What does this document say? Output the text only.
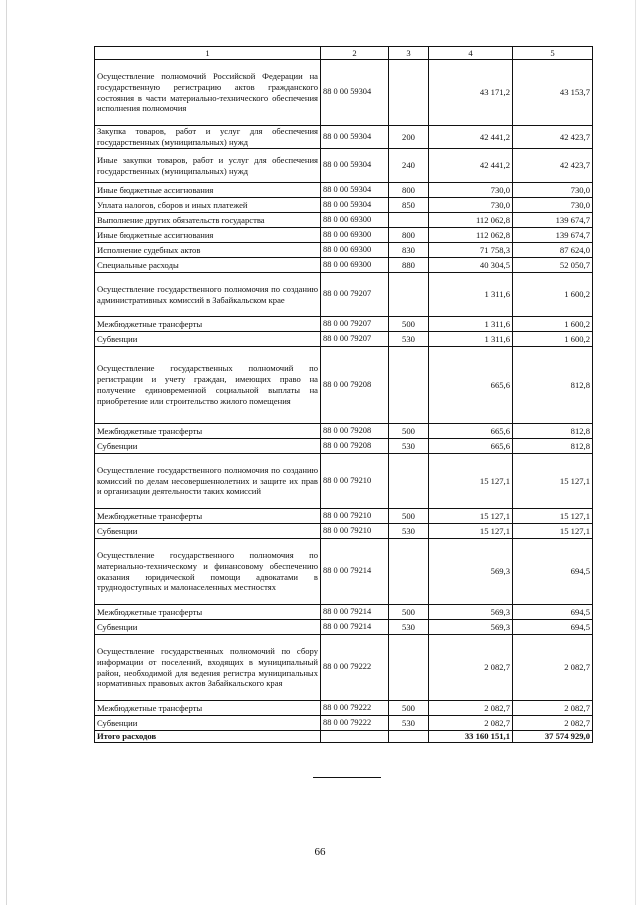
1	2	3	4	5
Осуществление полномочий Российской Федерации на государственную регистрацию актов гражданского состояния в части материально-технического обеспечения исполнения полномочия	88 0 00 59304		43 171,2	43 153,7
Закупка товаров, работ и услуг для обеспечения государственных (муниципальных) нужд	88 0 00 59304	200	42 441,2	42 423,7
Иные закупки товаров, работ и услуг для обеспечения государственных (муниципальных) нужд	88 0 00 59304	240	42 441,2	42 423,7
Иные бюджетные ассигнования	88 0 00 59304	800	730,0	730,0
Уплата налогов, сборов и иных платежей	88 0 00 59304	850	730,0	730,0
Выполнение других обязательств государства	88 0 00 69300		112 062,8	139 674,7
Иные бюджетные ассигнования	88 0 00 69300	800	112 062,8	139 674,7
Исполнение судебных актов	88 0 00 69300	830	71 758,3	87 624,0
Специальные расходы	88 0 00 69300	880	40 304,5	52 050,7
Осуществление государственного полномочия по созданию административных комиссий в Забайкальском крае	88 0 00 79207		1 311,6	1 600,2
Межбюджетные трансферты	88 0 00 79207	500	1 311,6	1 600,2
Субвенции	88 0 00 79207	530	1 311,6	1 600,2
Осуществление государственных полномочий по регистрации и учету граждан, имеющих право на получение единовременной социальной выплаты на приобретение или строительство жилого помещения	88 0 00 79208		665,6	812,8
Межбюджетные трансферты	88 0 00 79208	500	665,6	812,8
Субвенции	88 0 00 79208	530	665,6	812,8
Осуществление государственного полномочия по созданию комиссий по делам несовершеннолетних и защите их прав и организации деятельности таких комиссий	88 0 00 79210		15 127,1	15 127,1
Межбюджетные трансферты	88 0 00 79210	500	15 127,1	15 127,1
Субвенции	88 0 00 79210	530	15 127,1	15 127,1
Осуществление государственного полномочия по материально-техническому и финансовому обеспечению оказания юридической помощи адвокатами в труднодоступных и малонаселенных местностях	88 0 00 79214		569,3	694,5
Межбюджетные трансферты	88 0 00 79214	500	569,3	694,5
Субвенции	88 0 00 79214	530	569,3	694,5
Осуществление государственных полномочий по сбору информации от поселений, входящих в муниципальный район, необходимой для ведения регистра муниципальных нормативных правовых актов Забайкальского края	88 0 00 79222		2 082,7	2 082,7
Межбюджетные трансферты	88 0 00 79222	500	2 082,7	2 082,7
Субвенции	88 0 00 79222	530	2 082,7	2 082,7
Итого расходов			33 160 151,1	37 574 929,0
66
